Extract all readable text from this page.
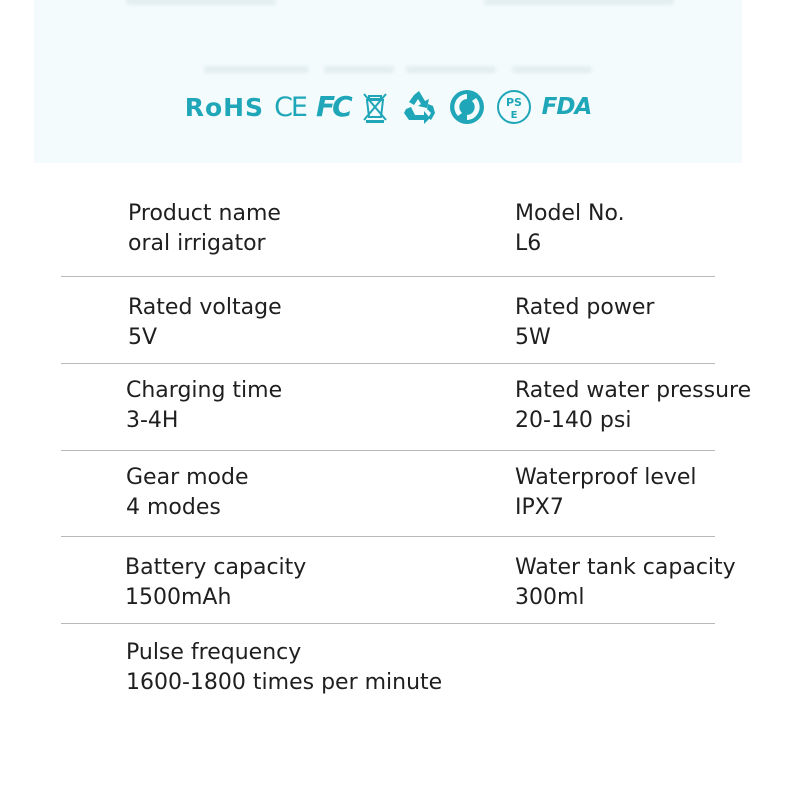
RoHS CE FC	PS
E FDA
Product name
oral irrigator
Model No.
L6
Rated voltage
5V
Rated power
5W
Charging time
3-4H
Rated water pressure
20-140 psi
Gear mode
4 modes
Waterproof level
IPX7
Battery capacity
1500mAh
Water tank capacity
300ml
Pulse frequency
1600-1800 times per minute
